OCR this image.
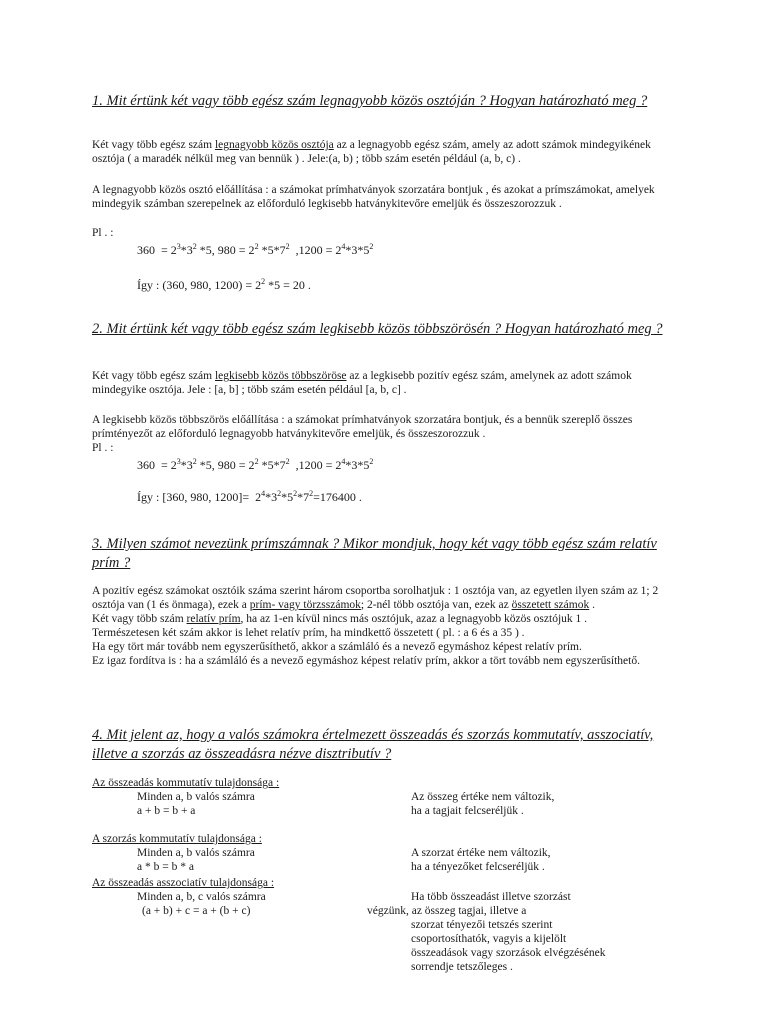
1. Mit értünk két vagy több egész szám legnagyobb közös osztóján ? Hogyan határozható meg ?
Két vagy több egész szám legnagyobb közös osztója az a legnagyobb egész szám, amely az adott számok mindegyikének osztója ( a maradék nélkül meg van bennük ) . Jele:(a, b) ; több szám esetén például (a, b, c) .
A legnagyobb közös osztó előállítása : a számokat prímhatványok szorzatára bontjuk , és azokat a prímszámokat, amelyek mindegyik számban szerepelnek az előforduló legkisebb hatványkitevőre emeljük és összeszorozzuk .
Pl . :
$360 = 2^3*3^2$ *5, $980 = 2^2$ $*5*7^2$  $,1200 = 2^4*3*5^2$
Így : (360, 980, $1200) = 2^2$ *5 = 20 .
2. Mit értünk két vagy több egész szám legkisebb közös többszörösén ? Hogyan határozható meg ?
Két vagy több egész szám legkisebb közös többszöröse az a legkisebb pozitív egész szám, amelynek az adott számok mindegyike osztója. Jele : [a, b] ; több szám esetén például [a, b, c] .
A legkisebb közös többszörös előállítása : a számokat prímhatványok szorzatára bontjuk, és a bennük szereplő összes prímtényezőt az előforduló legnagyobb hatványkitevőre emeljük, és összeszorozzuk .
Pl . :
$360 = 2^3*3^2$ *5, $980 = 2^2$ $*5*7^2$  $,1200 = 2^4*3*5^2$
Így : [360, 980, $1200]= 2^4*3^2*5^2*7^2=176400$ .
3. Milyen számot nevezünk prímszámnak ? Mikor mondjuk, hogy két vagy több egész szám relatív prím ?
A pozitív egész számokat osztóik száma szerint három csoportba sorolhatjuk : 1 osztója van, az egyetlen ilyen szám az 1; 2 osztója van (1 és önmaga), ezek a prím- vagy törzsszámok; 2-nél több osztója van, ezek az összetett számok .
Két vagy több szám relatív prím, ha az 1-en kívül nincs más osztójuk, azaz a legnagyobb közös osztójuk 1 .
Természetesen két szám akkor is lehet relatív prím, ha mindkettő összetett ( pl. : a 6 és a 35 ) .
Ha egy tört már tovább nem egyszerűsíthető, akkor a számláló és a nevező egymáshoz képest relatív prím.
Ez igaz fordítva is : ha a számláló és a nevező egymáshoz képest relatív prím, akkor a tört tovább nem egyszerűsíthető.
4. Mit jelent az, hogy a valós számokra értelmezett összeadás és szorzás kommutatív, asszociatív, illetve a szorzás az összeadásra nézve disztributív ?
Az összeadás kommutatív tulajdonsága :
Minden a, b valós számra
a + b = b + a
Az összeg értéke nem változik,
ha a tagjait felcseréljük .
A szorzás kommutatív tulajdonsága :
Minden a, b valós számra
a * b = b * a
A szorzat értéke nem változik,
ha a tényezőket felcseréljük .
Az összeadás asszociatív tulajdonsága :
Minden a, b, c valós számra
(a + b) + c = a + (b + c)
Ha több összeadást illetve szorzást
végzünk, az összeg tagjai, illetve a
szorzat tényezői tetszés szerint
csoportosíthatók, vagyis a kijelölt
összeadások vagy szorzások elvégzésének
sorrendje tetszőleges .
